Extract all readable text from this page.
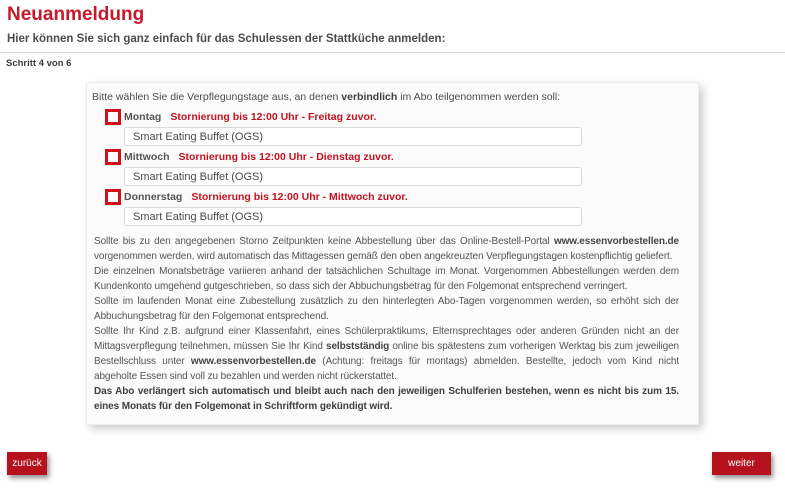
Neuanmeldung
Hier können Sie sich ganz einfach für das Schulessen der Stattküche anmelden:
Schritt 4 von 6
Bitte wählen Sie die Verpflegungstage aus, an denen verbindlich im Abo teilgenommen werden soll:
Montag Stornierung bis 12:00 Uhr - Freitag zuvor.
Smart Eating Buffet (OGS)
Mittwoch Stornierung bis 12:00 Uhr - Dienstag zuvor.
Smart Eating Buffet (OGS)
Donnerstag Stornierung bis 12:00 Uhr - Mittwoch zuvor.
Smart Eating Buffet (OGS)

Sollte bis zu den angegebenen Storno Zeitpunkten keine Abbestellung über das Online-Bestell-Portal www.essenvorbestellen.de vorgenommen werden, wird automatisch das Mittagessen gemäß den oben angekreuzten Verpflegungstagen kostenpflichtig geliefert.

Die einzelnen Monatsbeträge variieren anhand der tatsächlichen Schultage im Monat. Vorgenommen Abbestellungen werden dem Kundenkonto umgehend gutgeschrieben, so dass sich der Abbuchungsbetrag für den Folgemonat entsprechend verringert.

Sollte im laufenden Monat eine Zubestellung zusätzlich zu den hinterlegten Abo-Tagen vorgenommen werden, so erhöht sich der Abbuchungsbetrag für den Folgemonat entsprechend.

Sollte Ihr Kind z.B. aufgrund einer Klassenfahrt, eines Schülerpraktikums, Elternsprechtages oder anderen Gründen nicht an der Mittagsverpflegung teilnehmen, müssen Sie Ihr Kind selbstständig online bis spätestens zum vorherigen Werktag bis zum jeweiligen Bestellschluss unter www.essenvorbestellen.de (Achtung: freitags für montags) abmelden. Bestellte, jedoch vom Kind nicht abgeholte Essen sind voll zu bezahlen und werden nicht rückerstattet.

Das Abo verlängert sich automatisch und bleibt auch nach den jeweiligen Schulferien bestehen, wenn es nicht bis zum 15. eines Monats für den Folgemonat in Schriftform gekündigt wird.

zurück	weiter
